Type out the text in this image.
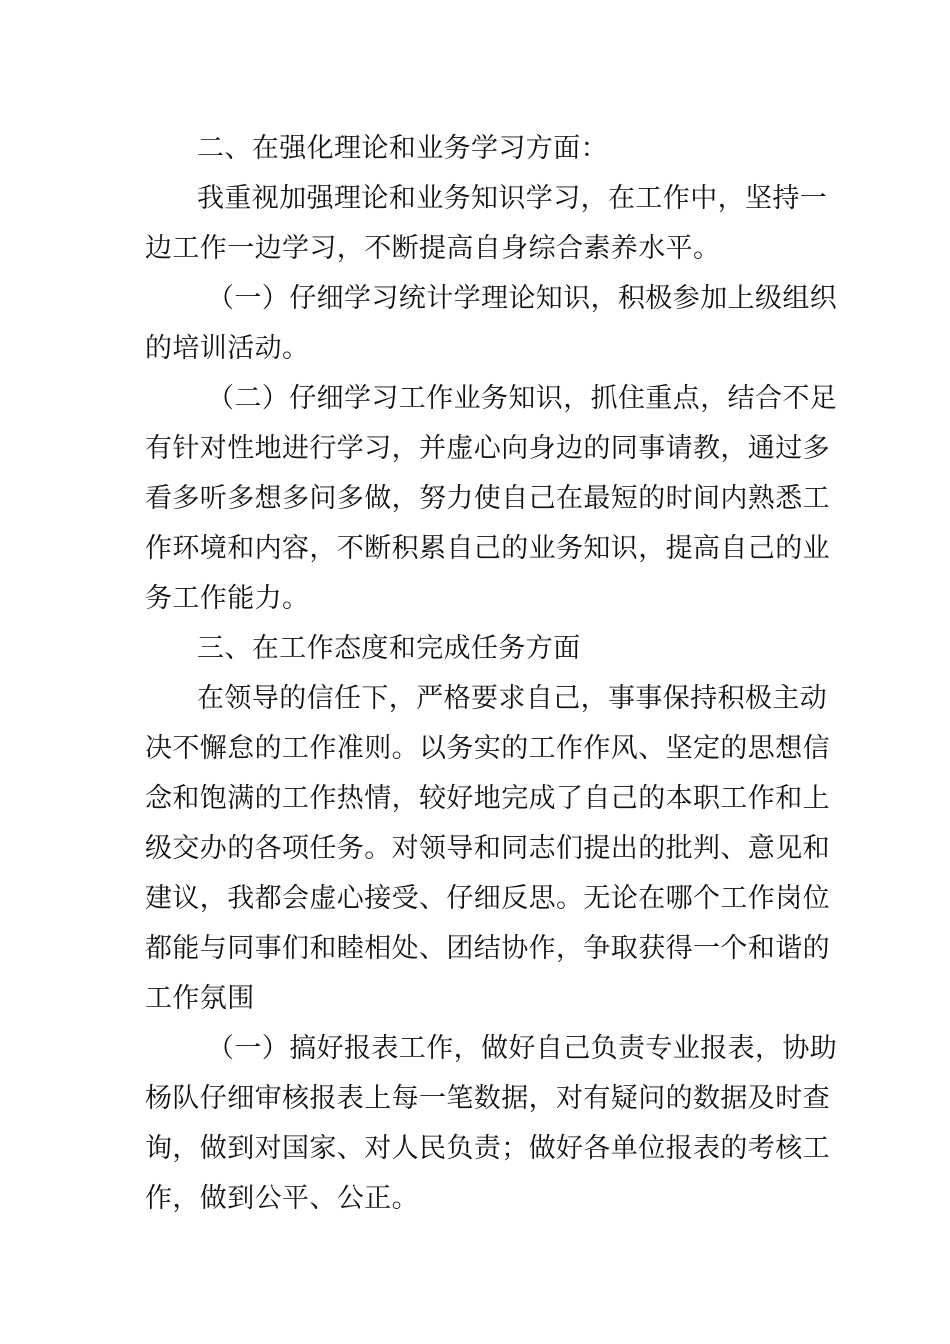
二、在强化理论和业务学习方面：
我重视加强理论和业务知识学习，在工作中，坚持一
边工作一边学习，不断提高自身综合素养水平。
（一）仔细学习统计学理论知识，积极参加上级组织
的培训活动。
（二）仔细学习工作业务知识，抓住重点，结合不足
有针对性地进行学习，并虚心向身边的同事请教，通过多
看多听多想多问多做，努力使自己在最短的时间内熟悉工
作环境和内容，不断积累自己的业务知识，提高自己的业
务工作能力。
三、在工作态度和完成任务方面
在领导的信任下，严格要求自己，事事保持积极主动
决不懈怠的工作准则。以务实的工作作风、坚定的思想信
念和饱满的工作热情，较好地完成了自己的本职工作和上
级交办的各项任务。对领导和同志们提出的批判、意见和
建议，我都会虚心接受、仔细反思。无论在哪个工作岗位
都能与同事们和睦相处、团结协作，争取获得一个和谐的
工作氛围
（一）搞好报表工作，做好自己负责专业报表，协助
杨队仔细审核报表上每一笔数据，对有疑问的数据及时查
询，做到对国家、对人民负责；做好各单位报表的考核工
作，做到公平、公正。
